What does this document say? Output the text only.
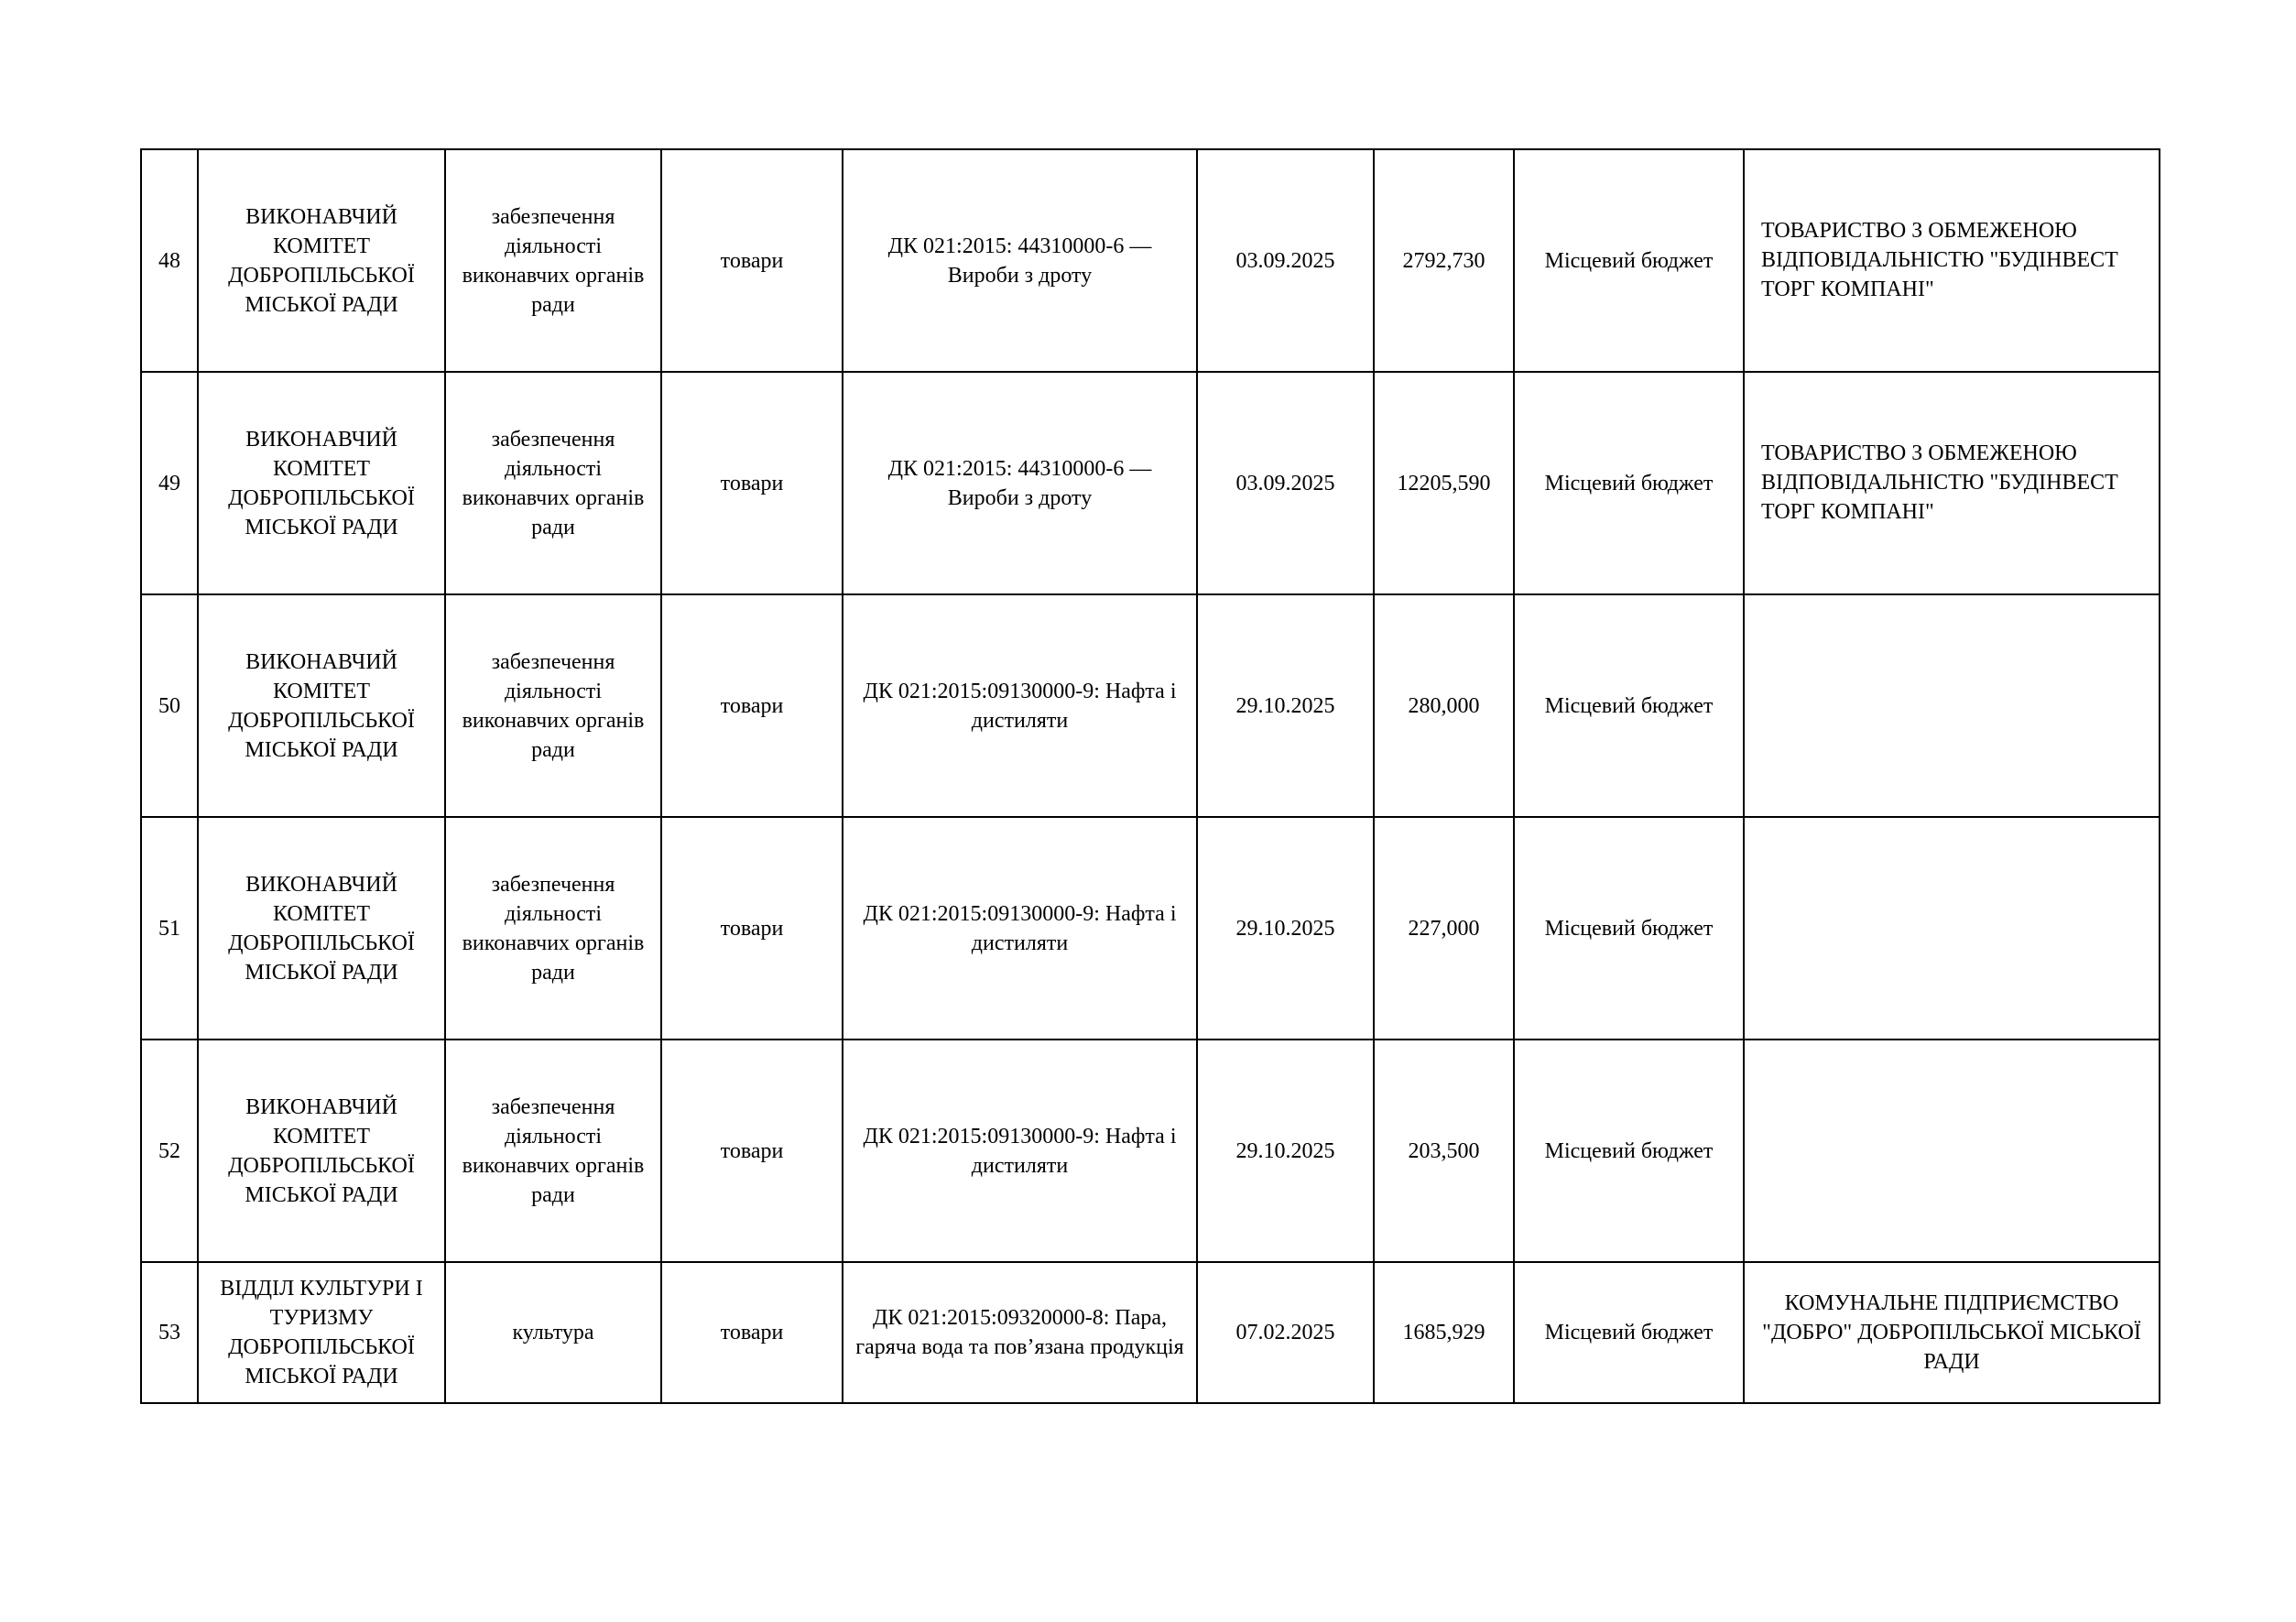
48	ВИКОНАВЧИЙ КОМІТЕТ ДОБРОПІЛЬСЬКОЇ МІСЬКОЇ РАДИ	забезпечення діяльності виконавчих органів ради	товари	ДК 021:2015: 44310000-6 —
Вироби з дроту	03.09.2025	2792,730	Місцевий бюджет	ТОВАРИСТВО З ОБМЕЖЕНОЮ ВІДПОВІДАЛЬНІСТЮ "БУДІНВЕСТ ТОРГ КОМПАНІ"
49	ВИКОНАВЧИЙ КОМІТЕТ ДОБРОПІЛЬСЬКОЇ МІСЬКОЇ РАДИ	забезпечення діяльності виконавчих органів ради	товари	ДК 021:2015: 44310000-6 —
Вироби з дроту	03.09.2025	12205,590	Місцевий бюджет	ТОВАРИСТВО З ОБМЕЖЕНОЮ ВІДПОВІДАЛЬНІСТЮ "БУДІНВЕСТ ТОРГ КОМПАНІ"
50	ВИКОНАВЧИЙ КОМІТЕТ ДОБРОПІЛЬСЬКОЇ МІСЬКОЇ РАДИ	забезпечення діяльності виконавчих органів ради	товари	ДК 021:2015:09130000-9: Нафта і
дистиляти	29.10.2025	280,000	Місцевий бюджет	
51	ВИКОНАВЧИЙ КОМІТЕТ ДОБРОПІЛЬСЬКОЇ МІСЬКОЇ РАДИ	забезпечення діяльності виконавчих органів ради	товари	ДК 021:2015:09130000-9: Нафта і
дистиляти	29.10.2025	227,000	Місцевий бюджет	
52	ВИКОНАВЧИЙ КОМІТЕТ ДОБРОПІЛЬСЬКОЇ МІСЬКОЇ РАДИ	забезпечення діяльності виконавчих органів ради	товари	ДК 021:2015:09130000-9: Нафта і
дистиляти	29.10.2025	203,500	Місцевий бюджет	
53	ВІДДІЛ КУЛЬТУРИ І ТУРИЗМУ ДОБРОПІЛЬСЬКОЇ МІСЬКОЇ РАДИ	культура	товари	ДК 021:2015:09320000-8: Пара,
гаряча вода та пов’язана продукція	07.02.2025	1685,929	Місцевий бюджет	КОМУНАЛЬНЕ ПІДПРИЄМСТВО "ДОБРО" ДОБРОПІЛЬСЬКОЇ МІСЬКОЇ РАДИ
